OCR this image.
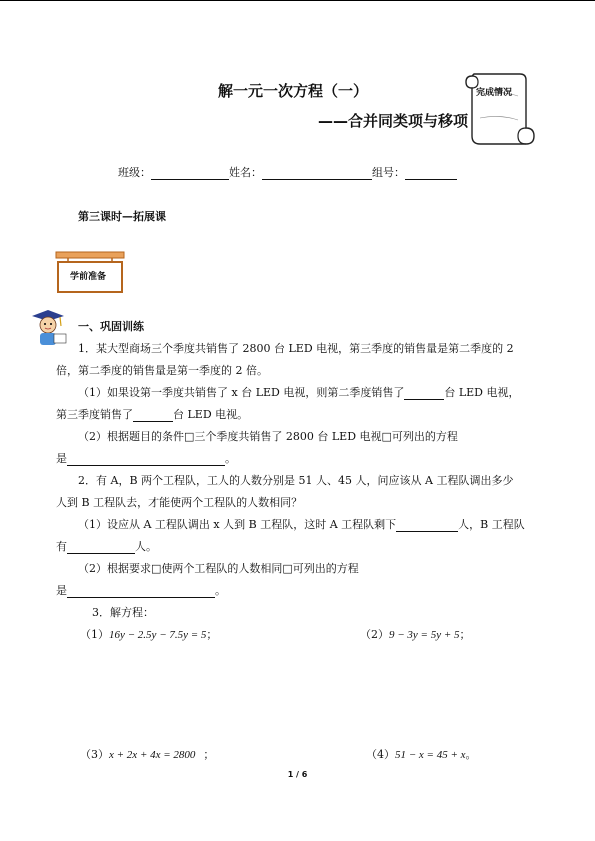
解一元一次方程（一）
——合并同类项与移项
完成情况
班级：	姓名：	组号：
第三课时—拓展课
学前准备
一、巩固训练
1．某大型商场三个季度共销售了 2800 台 LED 电视，第三季度的销售量是第二季度的 2
倍，第二季度的销售量是第一季度的 2 倍。
（1）如果设第一季度共销售了 x 台 LED 电视，则第二季度销售了	台 LED 电视，
第三季度销售了	台 LED 电视。
（2）根据题目的条件□三个季度共销售了 2800 台 LED 电视□可列出的方程
是	。
2．有 A，B 两个工程队，工人的人数分别是 51 人、45 人，问应该从 A 工程队调出多少
人到 B 工程队去，才能使两个工程队的人数相同？
（1）设应从 A 工程队调出 x 人到 B 工程队，这时 A 工程队剩下	人，B 工程队
有	人。
（2）根据要求□使两个工程队的人数相同□可列出的方程
是	。
3．解方程：
（1）16y − 2.5y − 7.5y = 5；	（2）9 − 3y = 5y + 5；
（3）x + 2x + 4x = 2800 ；	（4）51 − x = 45 + x。
1 / 6
